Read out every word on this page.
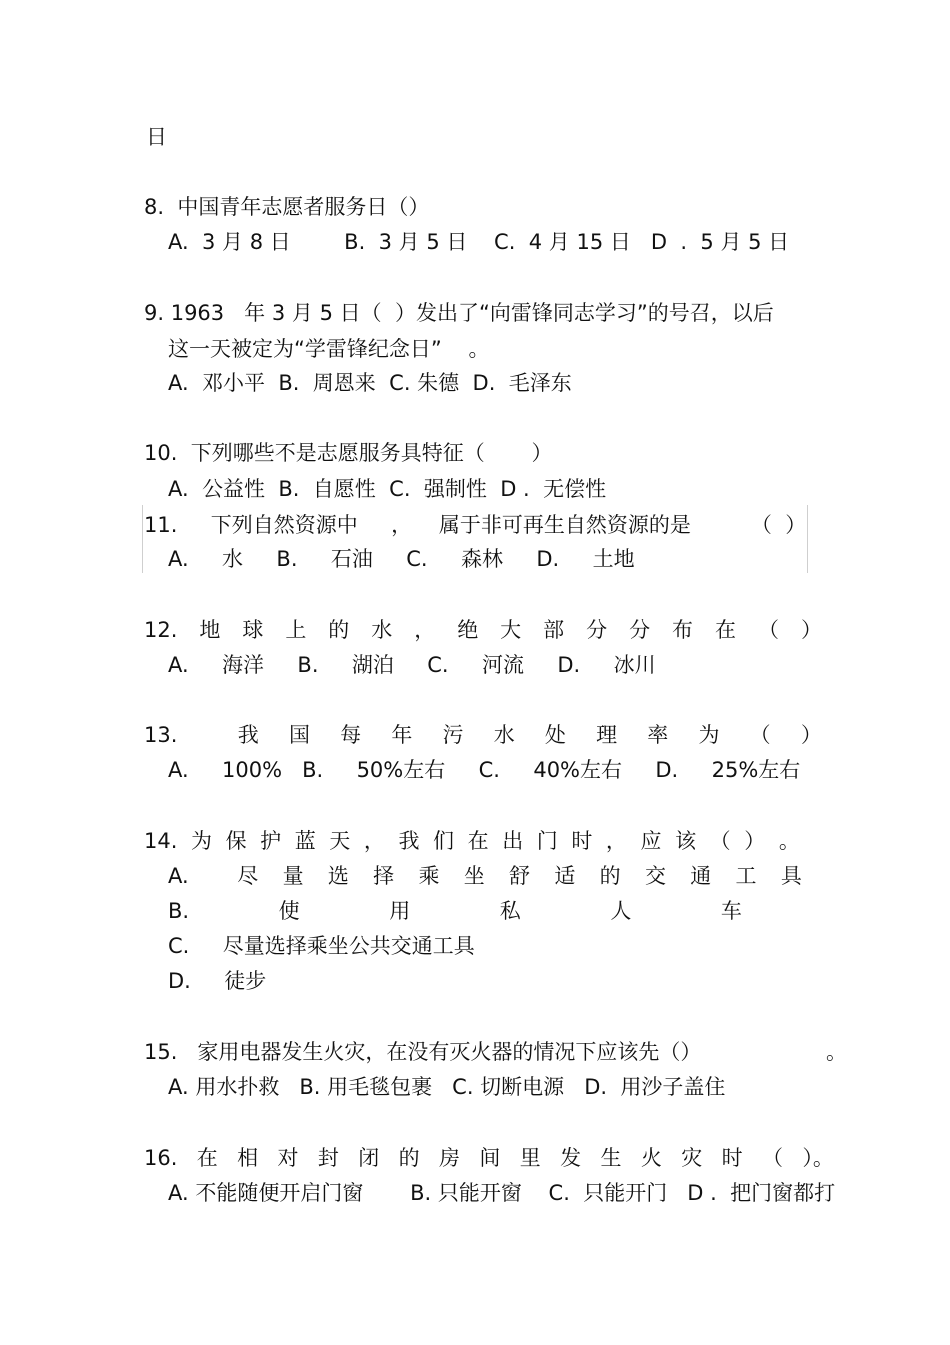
日
8.  中国青年志愿者服务日（）
A.  3 月 8 日        B.  3 月 5 日    C.  4 月 15 日   D  .  5 月 5 日
9. 1963   年 3 月 5 日（  ）发出了“向雷锋同志学习”的号召，以后
这一天被定为“学雷锋纪念日”    。
A.  邓小平  B.  周恩来  C. 朱德  D.  毛泽东
10.  下列哪些不是志愿服务具特征（       ）
A.  公益性  B.  自愿性  C.  强制性  D .  无偿性
11.     下列自然资源中     ，    属于非可再生自然资源的是         （  ）
A.     水     B.     石油     C.     森林     D.     土地
12. 地 球 上 的 水 ， 绝 大 部 分 分 布 在 （ ）
A.     海洋     B.     湖泊     C.     河流     D.     冰川
13.	我 国 每 年 污 水 处 理 率 为 （ ）
A.     100%   B.     50%左右     C.     40%左右     D.     25%左右
14. 为 保 护 蓝 天 ， 我 们 在 出 门 时 ， 应 该 （ ） 。
A. 尽 量 选 择 乘 坐 舒 适 的 交 通 工 具
B.	使	用	私	人	车
C.     尽量选择乘坐公共交通工具
D.     徒步
15.   家用电器发生火灾，在没有灭火器的情况下应该先（）	。
A. 用水扑救   B. 用毛毯包裹   C. 切断电源   D.  用沙子盖住
16. 在 相 对 封 闭 的 房 间 里 发 生 火 灾 时 （ ）。
A. 不能随便开启门窗       B. 只能开窗    C.  只能开门   D .  把门窗都打
